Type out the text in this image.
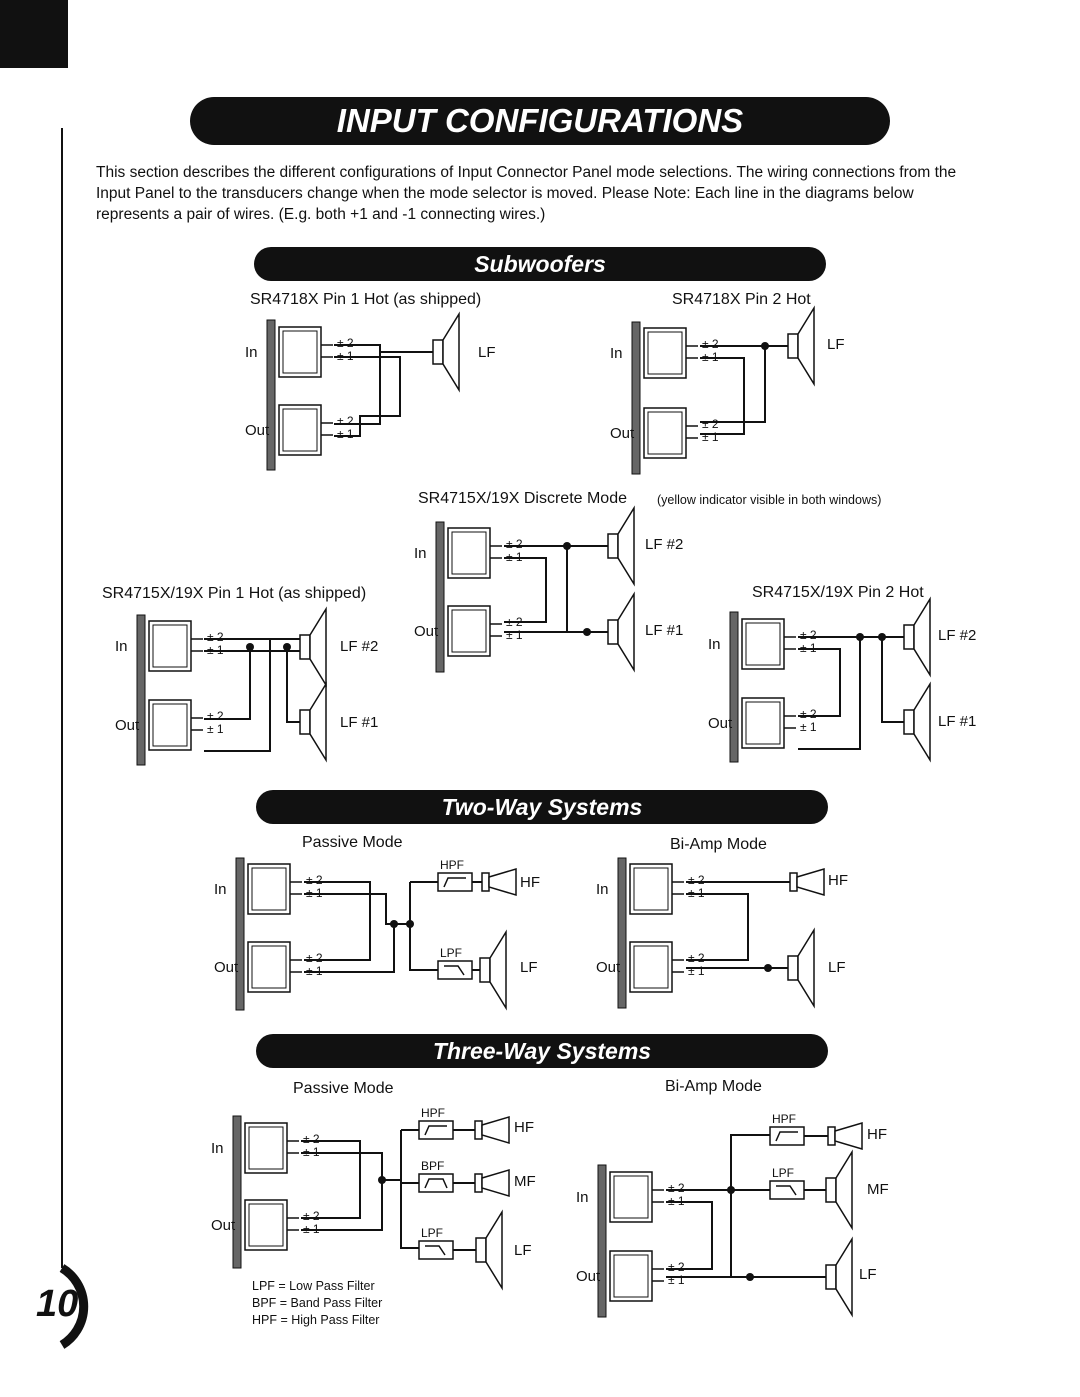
UBL
PROFESSIONAL
INPUT CONFIGURATIONS
This section describes the different configurations of Input Connector Panel mode selections. The wiring connections from the Input Panel to the transducers change when the mode selector is moved. Please Note: Each line in the diagrams below represents a pair of wires. (E.g. both +1 and -1 connecting wires.)
Subwoofers
Two-Way Systems
Three-Way Systems
SR4718X Pin 1 Hot (as shipped)	SR4718X Pin 2 Hot
SR4715X/19X Discrete Mode (yellow indicator visible in both windows)
SR4715X/19X Pin 1 Hot (as shipped)	SR4715X/19X Pin 2 Hot
Passive Mode	Bi-Amp Mode
Passive Mode	Bi-Amp Mode
In
± 2
± 1
Out
± 2
± 1
LF	In
± 2
± 1
Out
± 2
± 1
LF
In
± 2
± 1
Out
± 2
± 1
LF #2
LF #1
In
± 2
± 1
Out
± 2
± 1
LF #2
LF #1
In
± 2
± 1
Out
± 2
± 1
LF #2
LF #1
In
± 2
± 1
Out
± 2
± 1
HPF
HF
LPF
LF
In
± 2
± 1
Out
± 2
± 1
HF
LF
In
± 2
± 1
Out
± 2
± 1
HPF
HF
BPF
MF
LPF
LF
In
± 2
± 1
Out
± 2
± 1
HPF
HF
LPF
MF
LF
LPF = Low Pass Filter
BPF = Band Pass Filter
HPF = High Pass Filter
10
